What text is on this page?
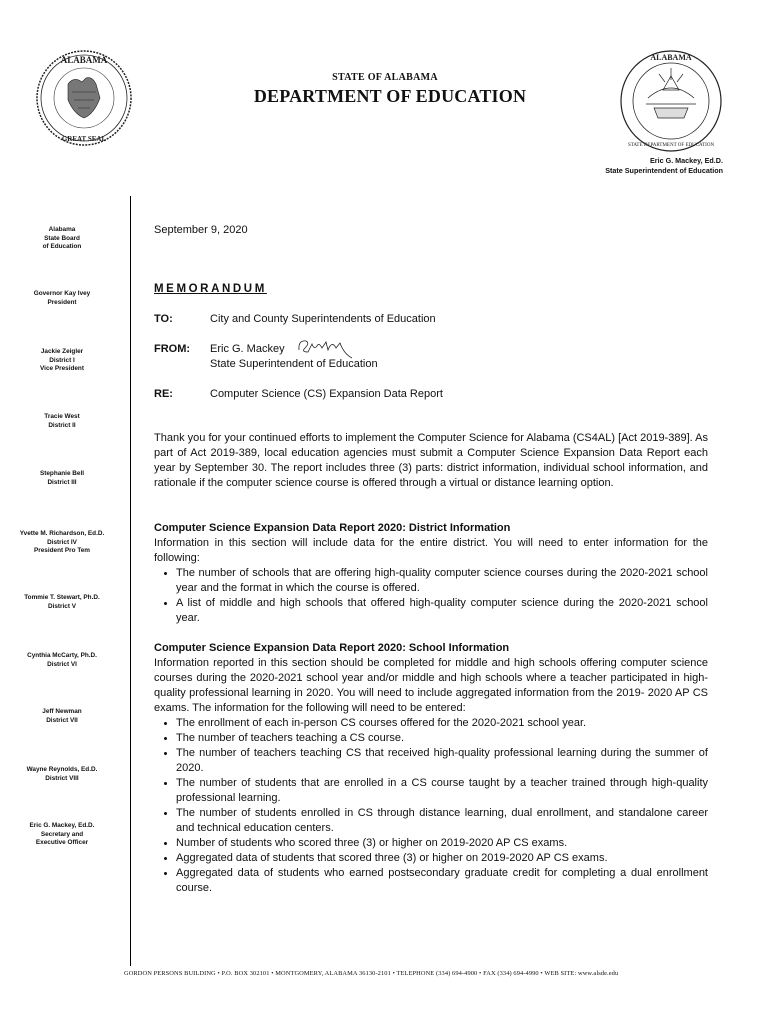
ALABAMA
GREAT SEAL
STATE OF ALABAMA
DEPARTMENT OF EDUCATION
ALABAMA
STATE DEPARTMENT OF EDUCATION
Eric G. Mackey, Ed.D.
State Superintendent of Education
Alabama
State Board
of Education
Governor Kay Ivey
President
Jackie Zeigler
District I
Vice President
Tracie West
District II
Stephanie Bell
District III
Yvette M. Richardson, Ed.D.
District IV
President Pro Tem
Tommie T. Stewart, Ph.D.
District V
Cynthia McCarty, Ph.D.
District VI
Jeff Newman
District VII
Wayne Reynolds, Ed.D.
District VIII
Eric G. Mackey, Ed.D.
Secretary and
Executive Officer
September 9, 2020
MEMORANDUM
TO:	City and County Superintendents of Education
FROM: Eric G. Mackey
State Superintendent of Education
RE:	Computer Science (CS) Expansion Data Report
Thank you for your continued efforts to implement the Computer Science for Alabama (CS4AL) [Act 2019-389]. As part of Act 2019-389, local education agencies must submit a Computer Science Expansion Data Report each year by September 30. The report includes three (3) parts: district information, individual school information, and rationale if the computer science course is offered through a virtual or distance learning option.
Computer Science Expansion Data Report 2020: District Information
Information in this section will include data for the entire district. You will need to enter information for the following:
• The number of schools that are offering high-quality computer science courses during the 2020-2021 school year and the format in which the course is offered.
• A list of middle and high schools that offered high-quality computer science during the 2020-2021 school year.
Computer Science Expansion Data Report 2020: School Information
Information reported in this section should be completed for middle and high schools offering computer science courses during the 2020-2021 school year and/or middle and high schools where a teacher participated in high-quality professional learning in 2020. You will need to include aggregated information from the 2019- 2020 AP CS exams. The information for the following will need to be entered:
• The enrollment of each in-person CS courses offered for the 2020-2021 school year.
• The number of teachers teaching a CS course.
• The number of teachers teaching CS that received high-quality professional learning during the summer of 2020.
• The number of students that are enrolled in a CS course taught by a teacher trained through high-quality professional learning.
• The number of students enrolled in CS through distance learning, dual enrollment, and standalone career and technical education centers.
• Number of students who scored three (3) or higher on 2019-2020 AP CS exams.
• Aggregated data of students that scored three (3) or higher on 2019-2020 AP CS exams.
• Aggregated data of students who earned postsecondary graduate credit for completing a dual enrollment course.
GORDON PERSONS BUILDING • P.O. BOX 302101 • MONTGOMERY, ALABAMA 36130-2101 • TELEPHONE (334) 694-4900 • FAX (334) 694-4990 • WEB SITE: www.alsde.edu
